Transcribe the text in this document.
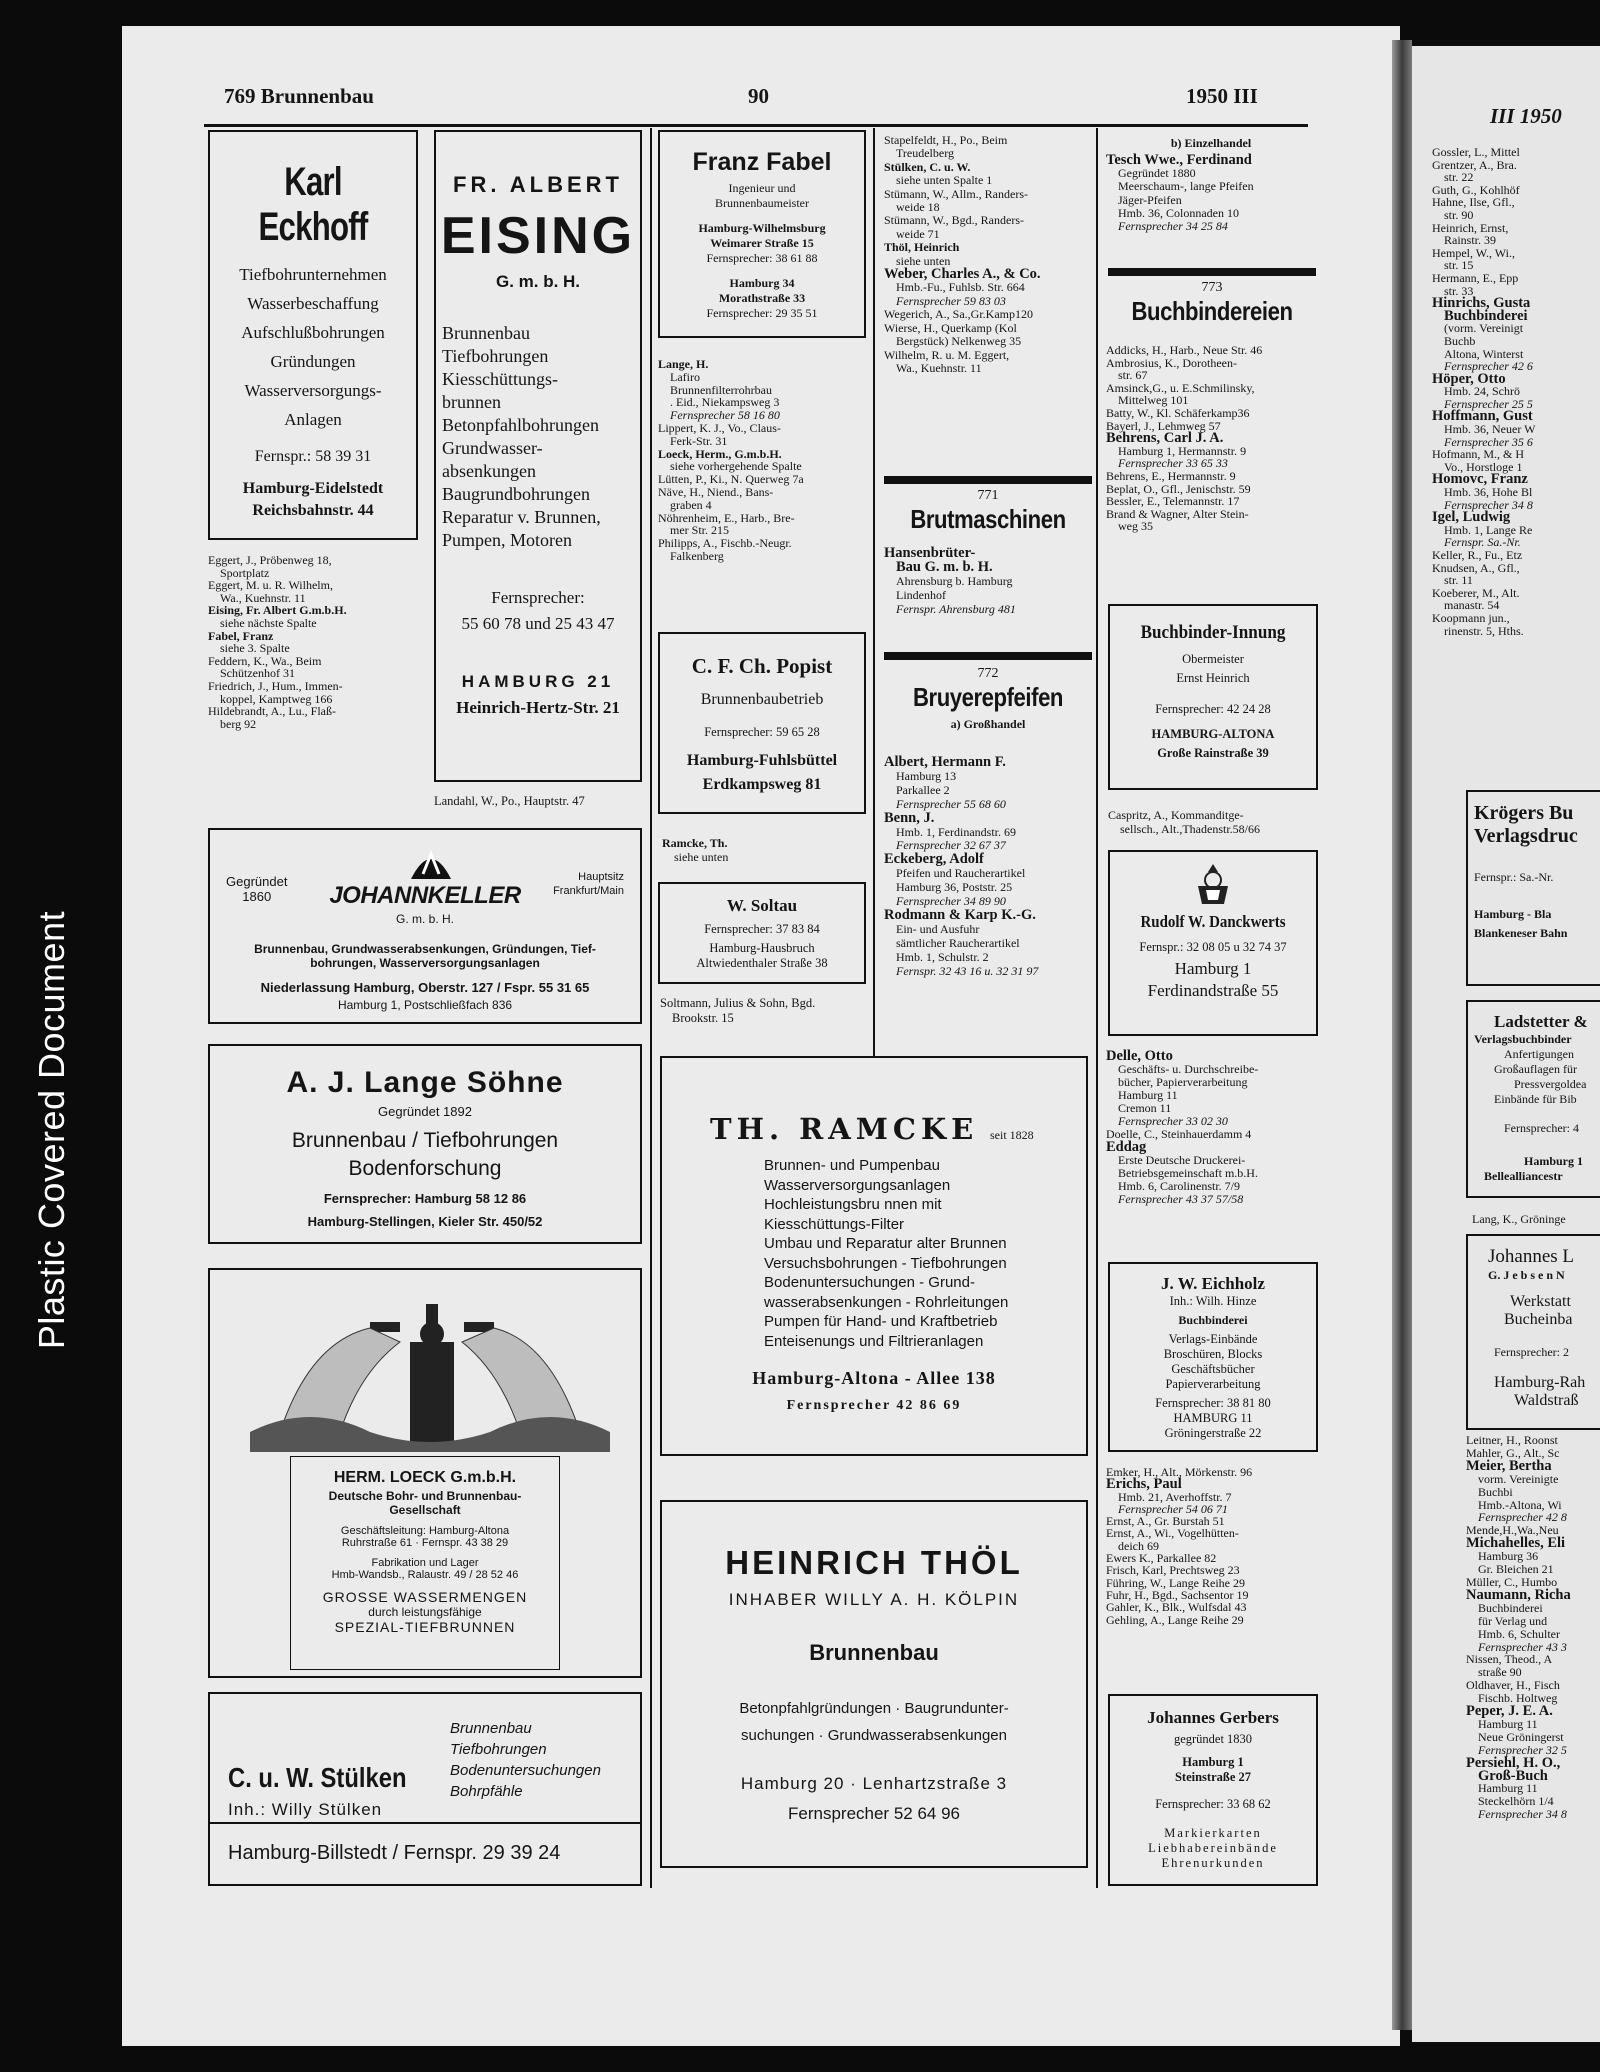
Plastic Covered Document
769 Brunnenbau	90	1950 III
III 1950
Karl Eckhoff
Tiefbohrunternehmen
Wasserbeschaffung
Aufschlußbohrungen
Gründungen
Wasserversorgungs-
Anlagen
Fernspr.: 58 39 31
Hamburg-Eidelstedt
Reichsbahnstr. 44

Eggert, J., Pröbenweg 18,

Sportplatz

Eggert, M. u. R. Wilhelm,

Wa., Kuehnstr. 11

Eising, Fr. Albert G.m.b.H.

siehe nächste Spalte

Fabel, Franz

siehe 3. Spalte

Feddern, K., Wa., Beim

Schützenhof 31

Friedrich, J., Hum., Immen-

koppel, Kamptweg 166

Hildebrandt, A., Lu., Flaß-

berg 92

FR. ALBERT
EISING
G. m. b. H.
Brunnenbau
Tiefbohrungen
Kiesschüttungs-
brunnen
Betonpfahlbohrungen
Grundwasser-
absenkungen
Baugrundbohrungen
Reparatur v. Brunnen,
Pumpen, Motoren
Fernsprecher:
55 60 78 und 25 43 47
HAMBURG 21
Heinrich-Hertz-Str. 21
Landahl, W., Po., Hauptstr. 47
Franz Fabel
Ingenieur und
Brunnenbaumeister
Hamburg-Wilhelmsburg
Weimarer Straße 15
Fernsprecher: 38 61 88
Hamburg 34
Morathstraße 33
Fernsprecher: 29 35 51

Lange, H.

Lafiro

Brunnenfilterrohrbau

. Eid., Niekampsweg 3

Fernsprecher 58 16 80

Lippert, K. J., Vo., Claus-

Ferk-Str. 31

Loeck, Herm., G.m.b.H.

siehe vorhergehende Spalte

Lütten, P., Ki., N. Querweg 7a

Näve, H., Niend., Bans-

graben 4

Nöhrenheim, E., Harb., Bre-

mer Str. 215

Philipps, A., Fischb.-Neugr.

Falkenberg

C. F. Ch. Popist
Brunnenbaubetrieb
Fernsprecher: 59 65 28
Hamburg-Fuhlsbüttel
Erdkampsweg 81

Ramcke, Th.

siehe unten

W. Soltau
Fernsprecher: 37 83 84
Hamburg-Hausbruch
Altwiedenthaler Straße 38

Soltmann, Julius & Sohn, Bgd.

Brookstr. 15

Stapelfeldt, H., Po., Beim

Treudelberg

Stülken, C. u. W.

siehe unten Spalte 1

Stümann, W., Allm., Randers-

weide 18

Stümann, W., Bgd., Randers-

weide 71

Thöl, Heinrich

siehe unten

Weber, Charles A., & Co.

Hmb.-Fu., Fuhlsb. Str. 664

Fernsprecher 59 83 03

Wegerich, A., Sa.,Gr.Kamp120

Wierse, H., Querkamp (Kol

Bergstück) Nelkenweg 35

Wilhelm, R. u. M. Eggert,

Wa., Kuehnstr. 11

771
Brutmaschinen

Hansenbrüter-

Bau G. m. b. H.

Ahrensburg b. Hamburg

Lindenhof

Fernspr. Ahrensburg 481

772
Bruyerepfeifen
a) Großhandel

Albert, Hermann F.

Hamburg 13

Parkallee 2

Fernsprecher 55 68 60

Benn, J.

Hmb. 1, Ferdinandstr. 69

Fernsprecher 32 67 37

Eckeberg, Adolf

Pfeifen und Raucherartikel

Hamburg 36, Poststr. 25

Fernsprecher 34 89 90

Rodmann & Karp K.-G.

Ein- und Ausfuhr

sämtlicher Raucherartikel

Hmb. 1, Schulstr. 2

Fernspr. 32 43 16 u. 32 31 97

b) Einzelhandel

Tesch Wwe., Ferdinand

Gegründet 1880

Meerschaum-, lange Pfeifen

Jäger-Pfeifen

Hmb. 36, Colonnaden 10

Fernsprecher 34 25 84

773
Buchbindereien

Addicks, H., Harb., Neue Str. 46

Ambrosius, K., Dorotheen-

str. 67

Amsinck,G., u. E.Schmilinsky,

Mittelweg 101

Batty, W., Kl. Schäferkamp36

Bayerl, J., Lehmweg 57

Behrens, Carl J. A.

Hamburg 1, Hermannstr. 9

Fernsprecher 33 65 33

Behrens, E., Hermannstr. 9

Beplat, O., Gfl., Jenischstr. 59

Bessler, E., Telemannstr. 17

Brand & Wagner, Alter Stein-

weg 35

Buchbinder-Innung
Obermeister
Ernst Heinrich
Fernsprecher: 42 24 28
HAMBURG-ALTONA
Große Rainstraße 39

Caspritz, A., Kommanditge-

sellsch., Alt.,Thadenstr.58/66

Rudolf W. Danckwerts
Fernspr.: 32 08 05 u 32 74 37
Hamburg 1
Ferdinandstraße 55

Delle, Otto

Geschäfts- u. Durchschreibe-

bücher, Papierverarbeitung

Hamburg 11

Cremon 11

Fernsprecher 33 02 30

Doelle, C., Steinhauerdamm 4

Eddag

Erste Deutsche Druckerei-

Betriebsgemeinschaft m.b.H.

Hmb. 6, Carolinenstr. 7/9

Fernsprecher 43 37 57/58

J. W. Eichholz
Inh.: Wilh. Hinze
Buchbinderei
Verlags-Einbände
Broschüren, Blocks
Geschäftsbücher
Papierverarbeitung
Fernsprecher: 38 81 80
HAMBURG 11
Gröningerstraße 22

Emker, H., Alt., Mörkenstr. 96

Erichs, Paul

Hmb. 21, Averhoffstr. 7

Fernsprecher 54 06 71

Ernst, A., Gr. Burstah 51

Ernst, A., Wi., Vogelhütten-

deich 69

Ewers K., Parkallee 82

Frisch, Karl, Prechtsweg 23

Führing, W., Lange Reihe 29

Fuhr, H., Bgd., Sachsentor 19

Gahler, K., Blk., Wulfsdal 43

Gehling, A., Lange Reihe 29

Johannes Gerbers
gegründet 1830
Hamburg 1
Steinstraße 27
Fernsprecher: 33 68 62
Markierkarten
Liebhabereinbände
Ehrenurkunden
Gegründet
1860
Hauptsitz
Frankfurt/Main
JOHANNKELLER
G. m. b. H.
Brunnenbau, Grundwasserabsenkungen, Gründungen, Tief-
bohrungen, Wasserversorgungsanlagen
Niederlassung Hamburg, Oberstr. 127 / Fspr. 55 31 65
Hamburg 1, Postschließfach 836
A. J. Lange Söhne
Gegründet 1892
Brunnenbau / Tiefbohrungen
Bodenforschung
Fernsprecher: Hamburg 58 12 86
Hamburg-Stellingen, Kieler Str. 450/52
HERM. LOECK G.m.b.H.
Deutsche Bohr- und Brunnenbau-
Gesellschaft
Geschäftsleitung: Hamburg-Altona
Ruhrstraße 61 · Fernspr. 43 38 29
Fabrikation und Lager
Hmb-Wandsb., Ralaustr. 49 / 28 52 46
GROSSE WASSERMENGEN
durch leistungsfähige
SPEZIAL-TIEFBRUNNEN
C. u. W. Stülken
Inh.: Willy Stülken
Brunnenbau
Tiefbohrungen
Bodenuntersuchungen
Bohrpfähle
Hamburg-Billstedt / Fernspr. 29 39 24
TH. RAMCKE seit 1828
Brunnen- und Pumpenbau
Wasserversorgungsanlagen
Hochleistungsbru nnen mit
Kiesschüttungs-Filter
Umbau und Reparatur alter Brunnen
Versuchsbohrungen - Tiefbohrungen
Bodenuntersuchungen - Grund-
wasserabsenkungen - Rohrleitungen
Pumpen für Hand- und Kraftbetrieb
Enteisenungs und Filtrieranlagen
Hamburg-Altona - Allee 138
Fernsprecher 42 86 69
HEINRICH THÖL
INHABER WILLY A. H. KÖLPIN
Brunnenbau
Betonpfahlgründungen · Baugrundunter-
suchungen · Grundwasserabsenkungen
Hamburg 20 · Lenhartzstraße 3
Fernsprecher 52 64 96

Gossler, L., Mittel

Grentzer, A., Bra.

str. 22

Guth, G., Kohlhöf

Hahne, Ilse, Gfl.,

str. 90

Heinrich, Ernst,

Rainstr. 39

Hempel, W., Wi.,

str. 15

Hermann, E., Epp

str. 33

Hinrichs, Gusta

Buchbinderei

(vorm. Vereinigt

Buchb

Altona, Winterst

Fernsprecher 42 6

Höper, Otto

Hmb. 24, Schrö

Fernsprecher 25 5

Hoffmann, Gust

Hmb. 36, Neuer W

Fernsprecher 35 6

Hofmann, M., & H

Vo., Horstloge 1

Homovc, Franz

Hmb. 36, Hohe Bl

Fernsprecher 34 8

Igel, Ludwig

Hmb. 1, Lange Re

Fernspr. Sa.-Nr.

Keller, R., Fu., Etz

Knudsen, A., Gfl.,

str. 11

Koeberer, M., Alt.

manastr. 54

Koopmann jun.,

rinenstr. 5, Hths.

Krögers Bu
Verlagsdruc
Fernspr.: Sa.-Nr.
Hamburg - Bla
Blankeneser Bahn
Ladstetter &
Verlagsbuchbinder
Anfertigungen
Großauflagen für
Pressvergoldea
Einbände für Bib
Fernsprecher: 4
Hamburg 1
Bellealliancestr
Lang, K., Gröninge
Johannes L
G. J e b s e n N
Werkstatt
Bucheinba
Fernsprecher: 2
Hamburg-Rah
Waldstraß

Leitner, H., Roonst

Mahler, G., Alt., Sc

Meier, Bertha

vorm. Vereinigte

Buchbi

Hmb.-Altona, Wi

Fernsprecher 42 8

Mende,H.,Wa.,Neu

Michahelles, Eli

Hamburg 36

Gr. Bleichen 21

Müller, C., Humbo

Naumann, Richa

Buchbinderei

für Verlag und

Hmb. 6, Schulter

Fernsprecher 43 3

Nissen, Theod., A

straße 90

Oldhaver, H., Fisch

Fischb. Holtweg

Peper, J. E. A.

Hamburg 11

Neue Gröningerst

Fernsprecher 32 5

Persiehl, H. O.,

Groß-Buch

Hamburg 11

Steckelhörn 1/4

Fernsprecher 34 8
